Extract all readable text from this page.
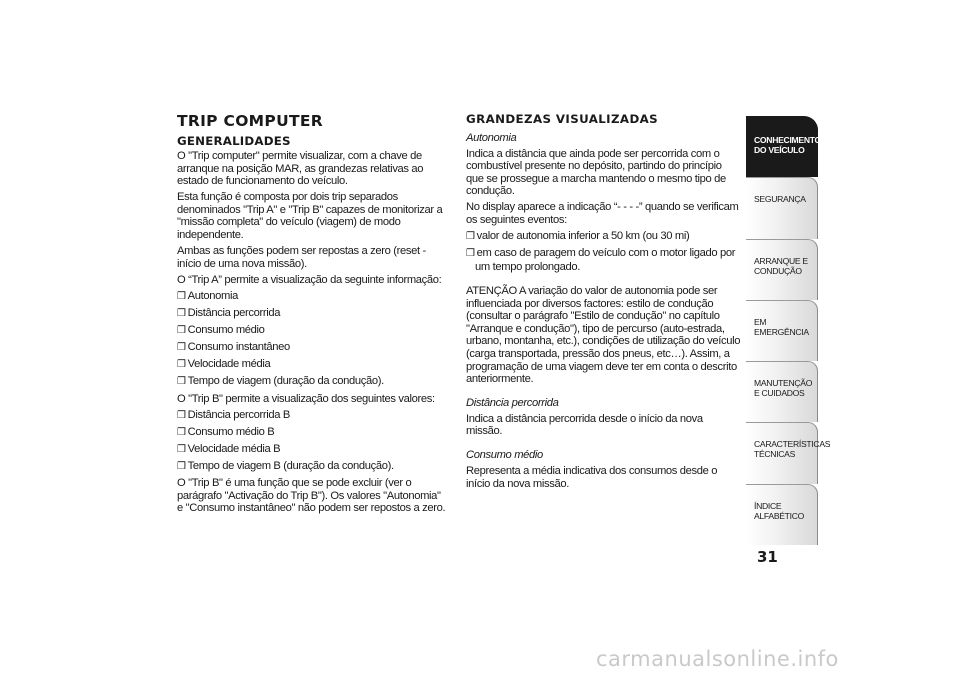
TRIP COMPUTER
GENERALIDADES

O "Trip computer" permite visualizar, com a chave de arranque na posição MAR, as grandezas relativas ao estado de funcionamento do veículo.

Esta função é composta por dois trip separados denominados "Trip A" e "Trip B" capazes de monitorizar a "missão completa" do veículo (viagem) de modo independente.

Ambas as funções podem ser repostas a zero (reset - início de uma nova missão).

O “Trip A” permite a visualização da seguinte informação:

❒ Autonomia
❒ Distância percorrida
❒ Consumo médio
❒ Consumo instantâneo
❒ Velocidade média
❒ Tempo de viagem (duração da condução).

O "Trip B" permite a visualização dos seguintes valores:

❒ Distância percorrida B
❒ Consumo médio B
❒ Velocidade média B
❒ Tempo de viagem B (duração da condução).

O "Trip B" é uma função que se pode excluir (ver o parágrafo "Activação do Trip B"). Os valores "Autonomia" e "Consumo instantâneo" não podem ser repostos a zero.

GRANDEZAS VISUALIZADAS

Autonomia

Indica a distância que ainda pode ser percorrida com o combustível presente no depósito, partindo do princípio que se prossegue a marcha mantendo o mesmo tipo de condução.

No display aparece a indicação “- - - -” quando se verificam os seguintes eventos:

❒ valor de autonomia inferior a 50 km (ou 30 mi)
❒ em caso de paragem do veículo com o motor ligado por um tempo prolongado.

ATENÇÃO A variação do valor de autonomia pode ser influenciada por diversos factores: estilo de condução (consultar o parágrafo "Estilo de condução" no capítulo "Arranque e condução"), tipo de percurso (auto-estrada, urbano, montanha, etc.), condições de utilização do veículo (carga transportada, pressão dos pneus, etc…). Assim, a programação de uma viagem deve ter em conta o descrito anteriormente.

Distância percorrida

Indica a distância percorrida desde o início da nova missão.

Consumo médio

Representa a média indicativa dos consumos desde o início da nova missão.

CONHECIMENTO DO VEÍCULO
SEGURANÇA
ARRANQUE E CONDUÇÃO
EM EMERGÊNCIA
MANUTENÇÃO E CUIDADOS
CARACTERÍSTICAS TÉCNICAS
ÍNDICE ALFABÉTICO
31
carmanualsonline.info
